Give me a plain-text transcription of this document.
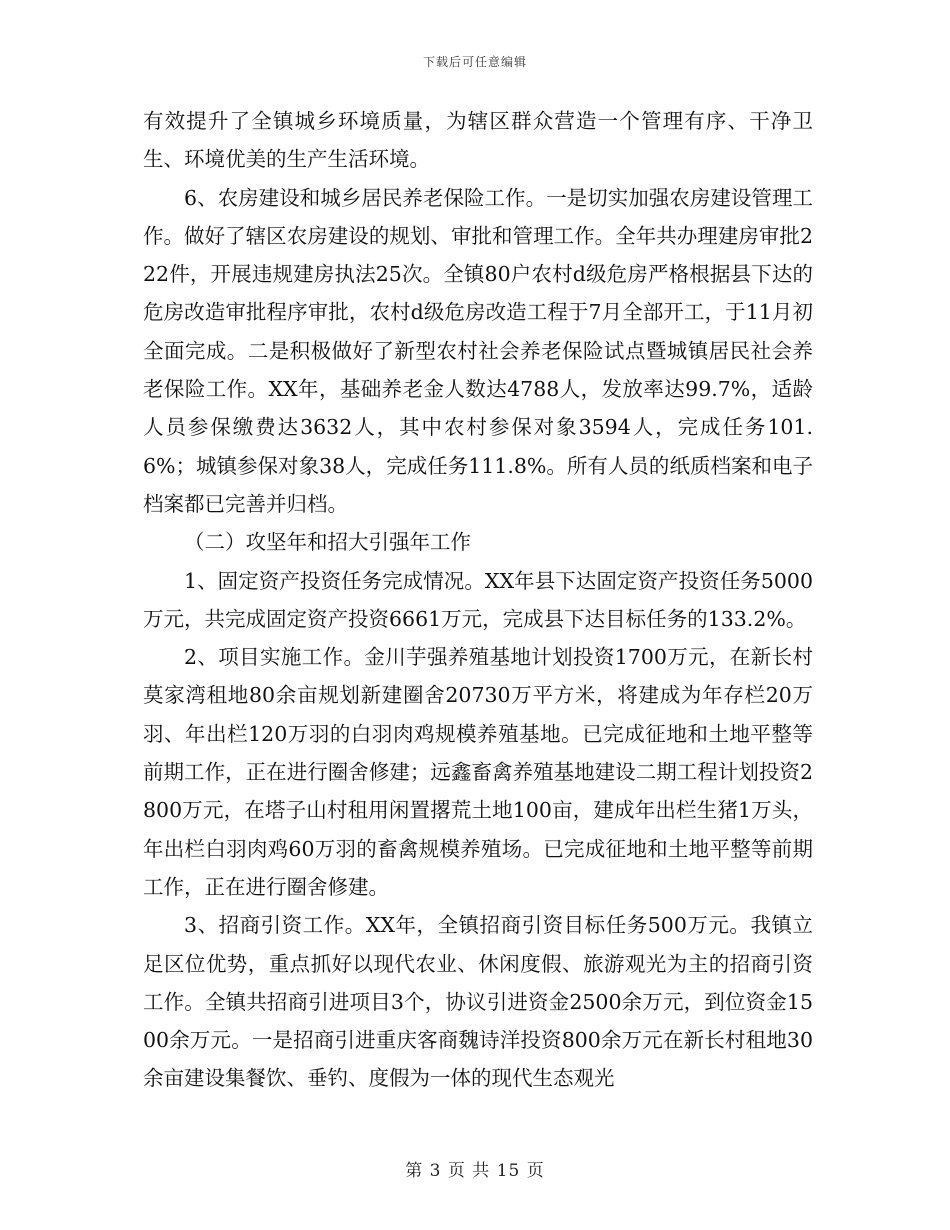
下载后可任意编辑

有效提升了全镇城乡环境质量，为辖区群众营造一个管理有序、干净卫生、环境优美的生产生活环境。

6、农房建设和城乡居民养老保险工作。一是切实加强农房建设管理工作。做好了辖区农房建设的规划、审批和管理工作。全年共办理建房审批222件，开展违规建房执法25次。全镇80户农村d级危房严格根据县下达的危房改造审批程序审批，农村d级危房改造工程于7月全部开工，于11月初全面完成。二是积极做好了新型农村社会养老保险试点暨城镇居民社会养老保险工作。XX年，基础养老金人数达4788人，发放率达99.7%，适龄人员参保缴费达3632人，其中农村参保对象3594人，完成任务101.6%；城镇参保对象38人，完成任务111.8%。所有人员的纸质档案和电子档案都已完善并归档。

（二）攻坚年和招大引强年工作

1、固定资产投资任务完成情况。XX年县下达固定资产投资任务5000万元，共完成固定资产投资6661万元，完成县下达目标任务的133.2%。

2、项目实施工作。金川芋强养殖基地计划投资1700万元，在新长村莫家湾租地80余亩规划新建圈舍20730万平方米，将建成为年存栏20万羽、年出栏120万羽的白羽肉鸡规模养殖基地。已完成征地和土地平整等前期工作，正在进行圈舍修建；远鑫畜禽养殖基地建设二期工程计划投资2800万元，在塔子山村租用闲置撂荒土地100亩，建成年出栏生猪1万头，年出栏白羽肉鸡60万羽的畜禽规模养殖场。已完成征地和土地平整等前期工作，正在进行圈舍修建。

3、招商引资工作。XX年，全镇招商引资目标任务500万元。我镇立足区位优势，重点抓好以现代农业、休闲度假、旅游观光为主的招商引资工作。全镇共招商引进项目3个，协议引进资金2500余万元，到位资金1500余万元。一是招商引进重庆客商魏诗洋投资800余万元在新长村租地30余亩建设集餐饮、垂钓、度假为一体的现代生态观光

第 3 页 共 15 页
